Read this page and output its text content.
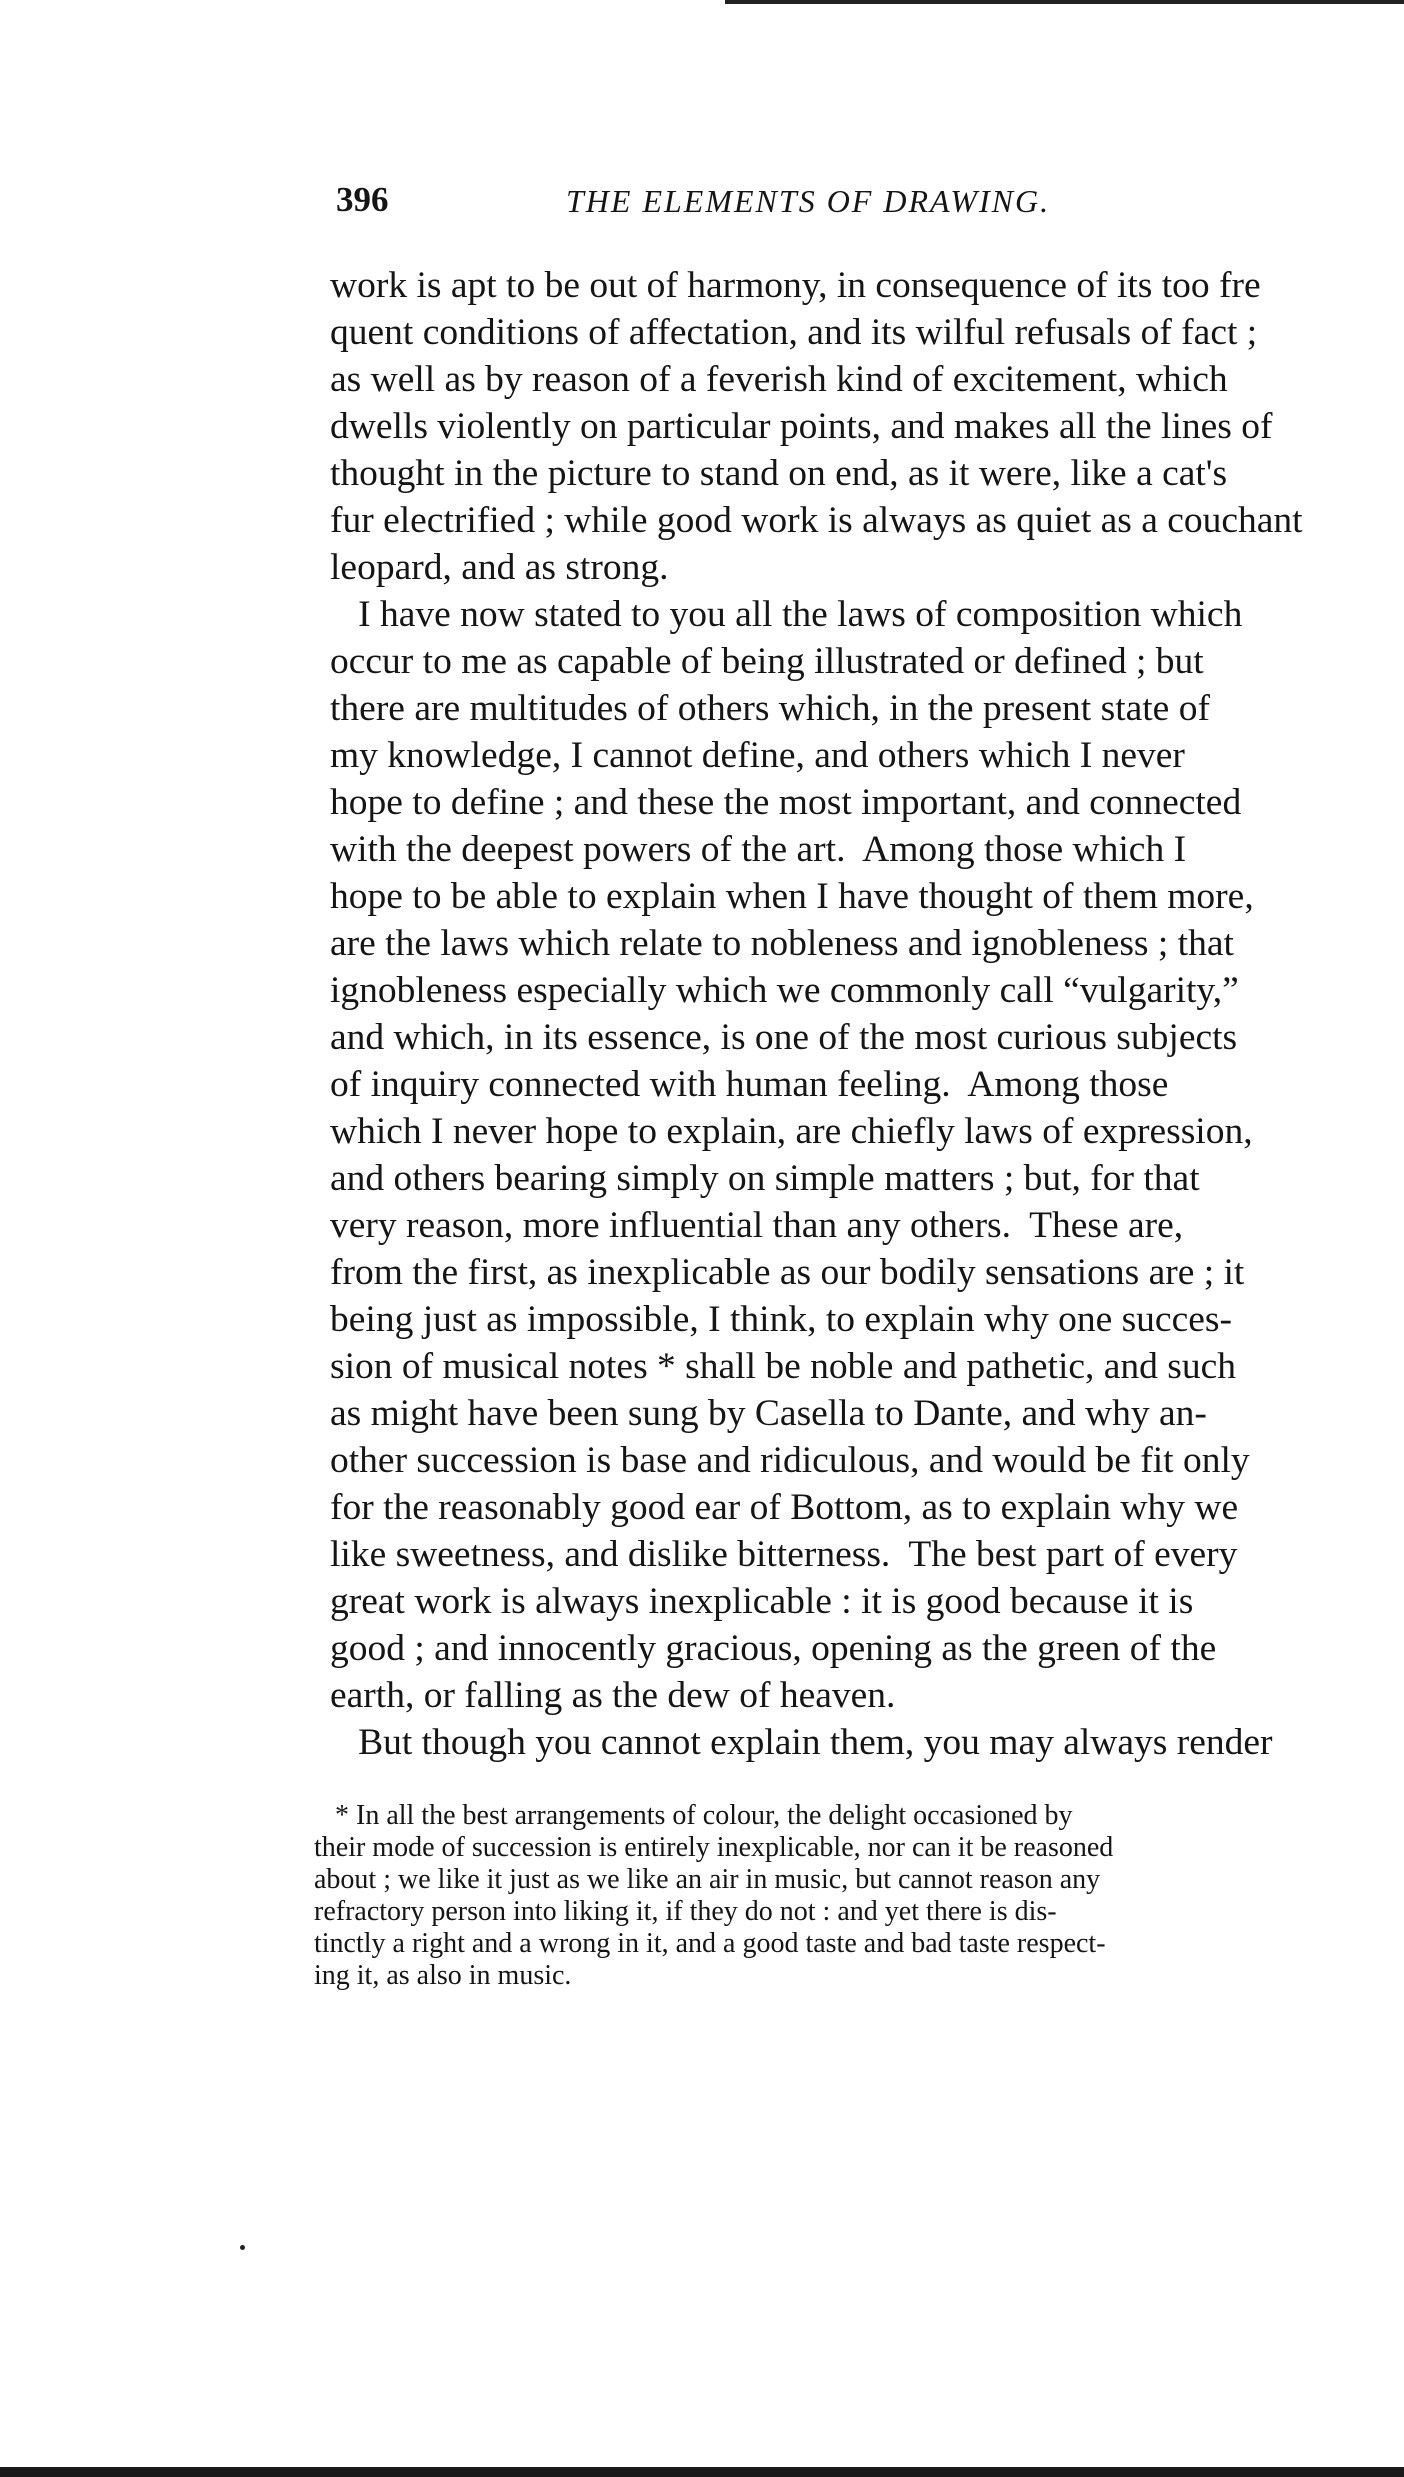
396	THE ELEMENTS OF DRAWING.
work is apt to be out of harmony, in consequence of its too fre
quent conditions of affectation, and its wilful refusals of fact ;
as well as by reason of a feverish kind of excitement, which
dwells violently on particular points, and makes all the lines of
thought in the picture to stand on end, as it were, like a cat's
fur electrified ; while good work is always as quiet as a couchant
leopard, and as strong.
I have now stated to you all the laws of composition which
occur to me as capable of being illustrated or defined ; but
there are multitudes of others which, in the present state of
my knowledge, I cannot define, and others which I never
hope to define ; and these the most important, and connected
with the deepest powers of the art.  Among those which I
hope to be able to explain when I have thought of them more,
are the laws which relate to nobleness and ignobleness ; that
ignobleness especially which we commonly call “vulgarity,”
and which, in its essence, is one of the most curious subjects
of inquiry connected with human feeling.  Among those
which I never hope to explain, are chiefly laws of expression,
and others bearing simply on simple matters ; but, for that
very reason, more influential than any others.  These are,
from the first, as inexplicable as our bodily sensations are ; it
being just as impossible, I think, to explain why one succes-
sion of musical notes * shall be noble and pathetic, and such
as might have been sung by Casella to Dante, and why an-
other succession is base and ridiculous, and would be fit only
for the reasonably good ear of Bottom, as to explain why we
like sweetness, and dislike bitterness.  The best part of every
great work is always inexplicable : it is good because it is
good ; and innocently gracious, opening as the green of the
earth, or falling as the dew of heaven.
But though you cannot explain them, you may always render
* In all the best arrangements of colour, the delight occasioned by
their mode of succession is entirely inexplicable, nor can it be reasoned
about ; we like it just as we like an air in music, but cannot reason any
refractory person into liking it, if they do not : and yet there is dis-
tinctly a right and a wrong in it, and a good taste and bad taste respect-
ing it, as also in music.
